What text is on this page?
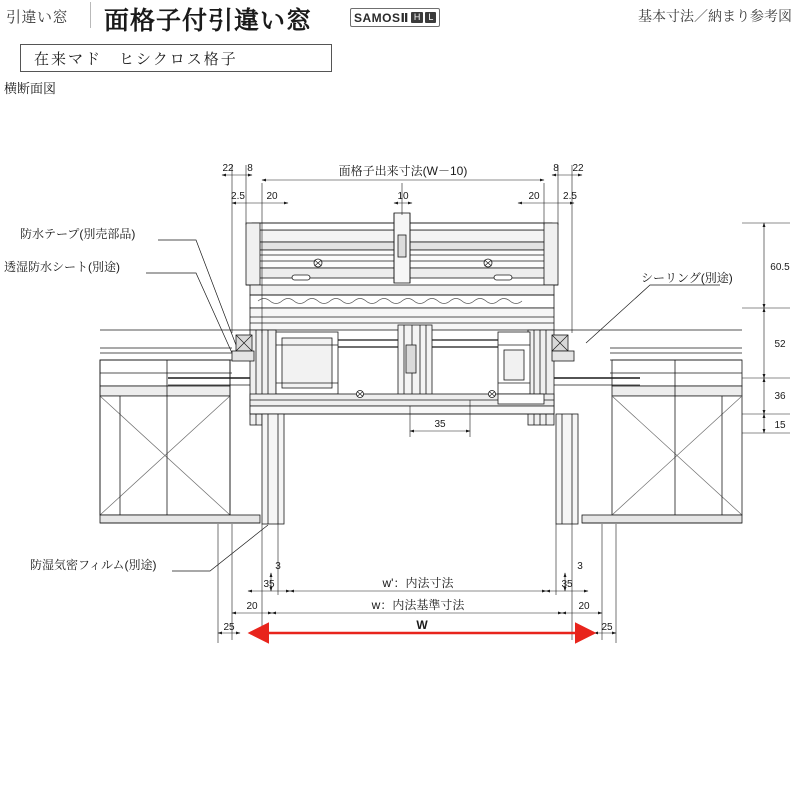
引違い窓 面格子付引違い窓	SAMOSⅡ H L	基本寸法／納まり参考図
在来マド　ヒシクロス格子
横断面図
22 8
2.5 20
8 22
20 2.5
面格子出来寸法(W－10)
10
60.5
52
36
15
35
3
35
20
25
3
35
20
25
w'：内法寸法
w：内法基準寸法
W
防水テープ(別売部品)
透湿防水シート(別途)
シーリング(別途)
防湿気密フィルム(別途)
